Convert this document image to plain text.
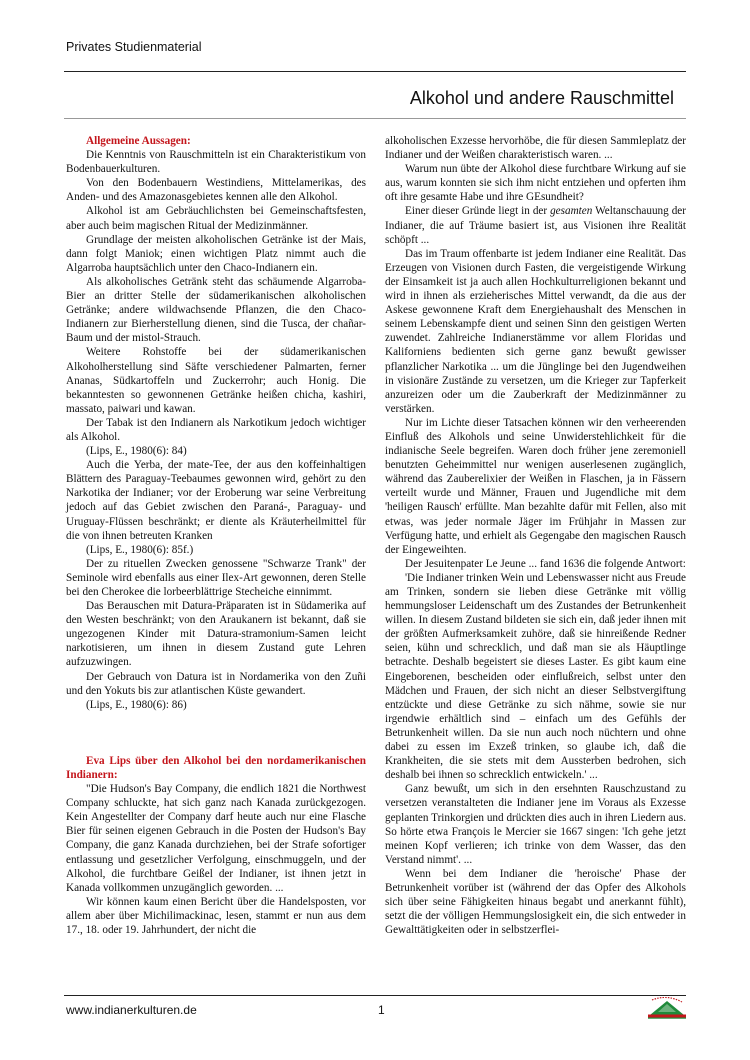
Privates Studienmaterial
Alkohol und andere Rauschmittel

Allgemeine Aussagen:

Die Kenntnis von Rauschmitteln ist ein Charakteristikum von Bodenbauerkulturen.

Von den Bodenbauern Westindiens, Mittelamerikas, des Anden- und des Amazonasgebietes kennen alle den Alkohol.

Alkohol ist am Gebräuchlichsten bei Gemeinschaftsfesten, aber auch beim magischen Ritual der Medizinmänner.

Grundlage der meisten alkoholischen Getränke ist der Mais, dann folgt Maniok; einen wichtigen Platz nimmt auch die Algarroba hauptsächlich unter den Chaco-Indianern ein.

Als alkoholisches Getränk steht das schäumende Algarroba-Bier an dritter Stelle der südamerikanischen alkoholischen Getränke; andere wildwachsende Pflanzen, die den Chaco-Indianern zur Bierherstellung dienen, sind die Tusca, der chañar-Baum und der mistol-Strauch.

Weitere Rohstoffe bei der südamerikanischen Alkoholherstellung sind Säfte verschiedener Palmarten, ferner Ananas, Südkartoffeln und Zuckerrohr; auch Honig. Die bekanntesten so gewonnenen Getränke heißen chicha, kashiri, massato, paiwari und kawan.

Der Tabak ist den Indianern als Narkotikum jedoch wichtiger als Alkohol.

(Lips, E., 1980(6): 84)

Auch die Yerba, der mate-Tee, der aus den koffeinhaltigen Blättern des Paraguay-Teebaumes gewonnen wird, gehört zu den Narkotika der Indianer; vor der Eroberung war seine Verbreitung jedoch auf das Gebiet zwischen den Paraná-, Paraguay- und Uruguay-Flüssen beschränkt; er diente als Kräuterheilmittel für die von ihnen betreuten Kranken

(Lips, E., 1980(6): 85f.)

Der zu rituellen Zwecken genossene "Schwarze Trank" der Seminole wird ebenfalls aus einer Ilex-Art gewonnen, deren Stelle bei den Cherokee die lorbeerblättrige Stecheiche einnimmt.

Das Berauschen mit Datura-Präparaten ist in Südamerika auf den Westen beschränkt; von den Araukanern ist bekannt, daß sie ungezogenen Kinder mit Datura-stramonium-Samen leicht narkotisieren, um ihnen in diesem Zustand gute Lehren aufzuzwingen.

Der Gebrauch von Datura ist in Nordamerika von den Zuñi und den Yokuts bis zur atlantischen Küste gewandert.

(Lips, E., 1980(6): 86)

Eva Lips über den Alkohol bei den nordamerikanischen Indianern:

"Die Hudson's Bay Company, die endlich 1821 die Northwest Company schluckte, hat sich ganz nach Kanada zurückgezogen. Kein Angestellter der Company darf heute auch nur eine Flasche Bier für seinen eigenen Gebrauch in die Posten der Hudson's Bay Company, die ganz Kanada durchziehen, bei der Strafe sofortiger entlassung und gesetzlicher Verfolgung, einschmuggeln, und der Alkohol, die furchtbare Geißel der Indianer, ist ihnen jetzt in Kanada vollkommen unzugänglich geworden. ...

Wir können kaum einen Bericht über die Handelsposten, vor allem aber über Michilimackinac, lesen, stammt er nun aus dem 17., 18. oder 19. Jahrhundert, der nicht die

alkoholischen Exzesse hervorhöbe, die für diesen Sammleplatz der Indianer und der Weißen charakteristisch waren. ...

Warum nun übte der Alkohol diese furchtbare Wirkung auf sie aus, warum konnten sie sich ihm nicht entziehen und opferten ihm oft ihre gesamte Habe und ihre GEsundheit?

Einer dieser Gründe liegt in der gesamten Weltanschauung der Indianer, die auf Träume basiert ist, aus Visionen ihre Realität schöpft ...

Das im Traum offenbarte ist jedem Indianer eine Realität. Das Erzeugen von Visionen durch Fasten, die vergeistigende Wirkung der Einsamkeit ist ja auch allen Hochkulturreligionen bekannt und wird in ihnen als erzieherisches Mittel verwandt, da die aus der Askese gewonnene Kraft dem Energiehaushalt des Menschen in seinem Lebenskampfe dient und seinen Sinn den geistigen Werten zuwendet. Zahlreiche Indianerstämme vor allem Floridas und Kaliforniens bedienten sich gerne ganz bewußt gewisser pflanzlicher Narkotika ... um die Jünglinge bei den Jugendweihen in visionäre Zustände zu versetzen, um die Krieger zur Tapferkeit anzureizen oder um die Zauberkraft der Medizinmänner zu verstärken.

Nur im Lichte dieser Tatsachen können wir den verheerenden Einfluß des Alkohols und seine Unwiderstehlichkeit für die indianische Seele begreifen. Waren doch früher jene zeremoniell benutzten Geheimmittel nur wenigen auserlesenen zugänglich, während das Zauberelixier der Weißen in Flaschen, ja in Fässern verteilt wurde und Männer, Frauen und Jugendliche mit dem 'heiligen Rausch' erfüllte. Man bezahlte dafür mit Fellen, also mit etwas, was jeder normale Jäger im Frühjahr in Massen zur Verfügung hatte, und erhielt als Gegengabe den magischen Rausch der Eingeweihten.

Der Jesuitenpater Le Jeune ... fand 1636 die folgende Antwort:

'Die Indianer trinken Wein und Lebenswasser nicht aus Freude am Trinken, sondern sie lieben diese Getränke mit völlig hemmungsloser Leidenschaft um des Zustandes der Betrunkenheit willen. In diesem Zustand bildeten sie sich ein, daß jeder ihnen mit der größten Aufmerksamkeit zuhöre, daß sie hinreißende Redner seien, kühn und schrecklich, und daß man sie als Häuptlinge betrachte. Deshalb begeistert sie dieses Laster. Es gibt kaum eine Eingeborenen, bescheiden oder einflußreich, selbst unter den Mädchen und Frauen, der sich nicht an dieser Selbstvergiftung entzückte und diese Getränke zu sich nähme, sowie sie nur irgendwie erhältlich sind – einfach um des Gefühls der Betrunkenheit willen. Da sie nun auch noch nüchtern und ohne dabei zu essen im Exzeß trinken, so glaube ich, daß die Krankheiten, die sie stets mit dem Aussterben bedrohen, sich deshalb bei ihnen so schrecklich entwickeln.' ...

Ganz bewußt, um sich in den ersehnten Rauschzustand zu versetzen veranstalteten die Indianer jene im Voraus als Exzesse geplanten Trinkorgien und drückten dies auch in ihren Liedern aus. So hörte etwa François le Mercier sie 1667 singen: 'Ich gehe jetzt meinen Kopf verlieren; ich trinke von dem Wasser, das den Verstand nimmt'. ...

Wenn bei dem Indianer die 'heroische' Phase der Betrunkenheit vorüber ist (während der das Opfer des Alkohols sich über seine Fähigkeiten hinaus begabt und anerkannt fühlt), setzt die der völligen Hemmungslosigkeit ein, die sich entweder in Gewalttätigkeiten oder in selbstzerflei-

www.indianerkulturen.de	1
